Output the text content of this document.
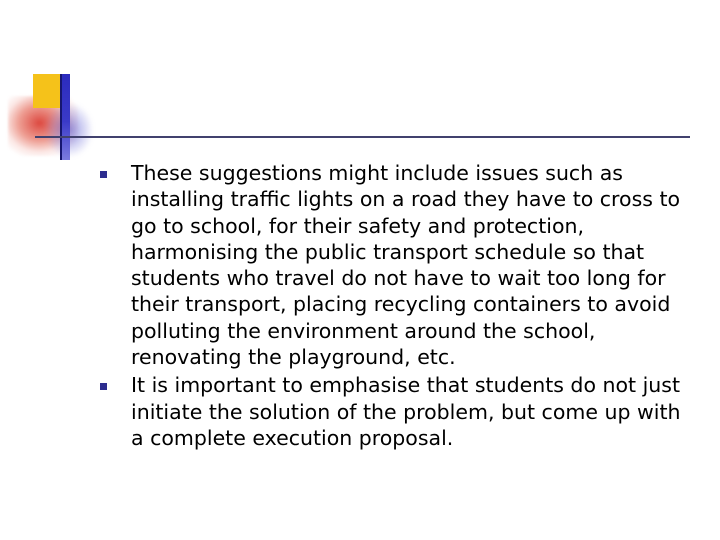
These suggestions might include issues such as installing traffic lights on a road they have to cross to go to school, for their safety and protection, harmonising the public transport schedule so that students who travel do not have to wait too long for their transport, placing recycling containers to avoid polluting the environment around the school, renovating the playground, etc.
It is important to emphasise that students do not just initiate the solution of the problem, but come up with a complete execution proposal.
